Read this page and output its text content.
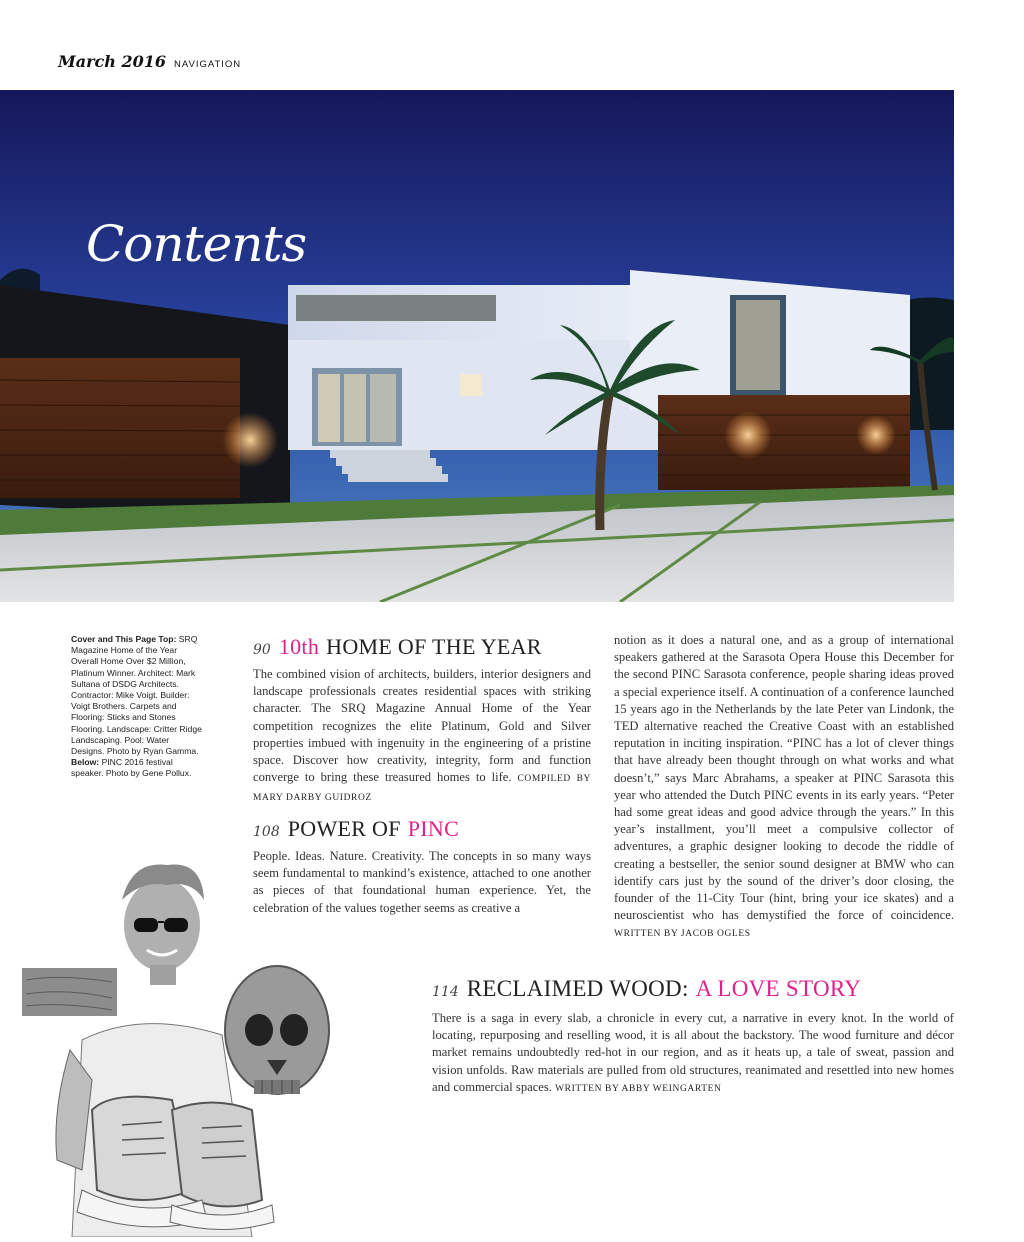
March 2016 NAVIGATION
Contents
Cover and This Page Top: SRQ Magazine Home of the Year Overall Home Over $2 Million, Platinum Winner. Architect: Mark Sultana of DSDG Architects. Contractor: Mike Voigt. Builder: Voigt Brothers. Carpets and Flooring: Sticks and Stones Flooring. Landscape: Critter Ridge Landscaping. Pool: Water Designs. Photo by Ryan Gamma. Below: PINC 2016 festival speaker. Photo by Gene Pollux.
90 10th HOME OF THE YEAR
The combined vision of architects, builders, interior designers and landscape professionals creates residential spaces with striking character. The SRQ Magazine Annual Home of the Year competition recognizes the elite Platinum, Gold and Silver properties imbued with ingenuity in the engineering of a pristine space. Discover how creativity, integrity, form and function converge to bring these treasured homes to life. COMPILED BY MARY DARBY GUIDROZ
108 POWER OF PINC
People. Ideas. Nature. Creativity. The concepts in so many ways seem fundamental to mankind’s existence, attached to one another as pieces of that foundational human experience. Yet, the celebration of the values together seems as creative a
notion as it does a natural one, and as a group of international speakers gathered at the Sarasota Opera House this December for the second PINC Sarasota conference, people sharing ideas proved a special experience itself. A continuation of a conference launched 15 years ago in the Netherlands by the late Peter van Lindonk, the TED alternative reached the Creative Coast with an established reputation in inciting inspiration. “PINC has a lot of clever things that have already been thought through on what works and what doesn’t,” says Marc Abrahams, a speaker at PINC Sarasota this year who attended the Dutch PINC events in its early years. “Peter had some great ideas and good advice through the years.” In this year’s installment, you’ll meet a compulsive collector of adventures, a graphic designer looking to decode the riddle of creating a bestseller, the senior sound designer at BMW who can identify cars just by the sound of the driver’s door closing, the founder of the 11-City Tour (hint, bring your ice skates) and a neuroscientist who has demystified the force of coincidence. WRITTEN BY JACOB OGLES
114 RECLAIMED WOOD: A LOVE STORY
There is a saga in every slab, a chronicle in every cut, a narrative in every knot. In the world of locating, repurposing and reselling wood, it is all about the backstory. The wood furniture and décor market remains undoubtedly red-hot in our region, and as it heats up, a tale of sweat, passion and vision unfolds. Raw materials are pulled from old structures, reanimated and resettled into new homes and commercial spaces. WRITTEN BY ABBY WEINGARTEN
